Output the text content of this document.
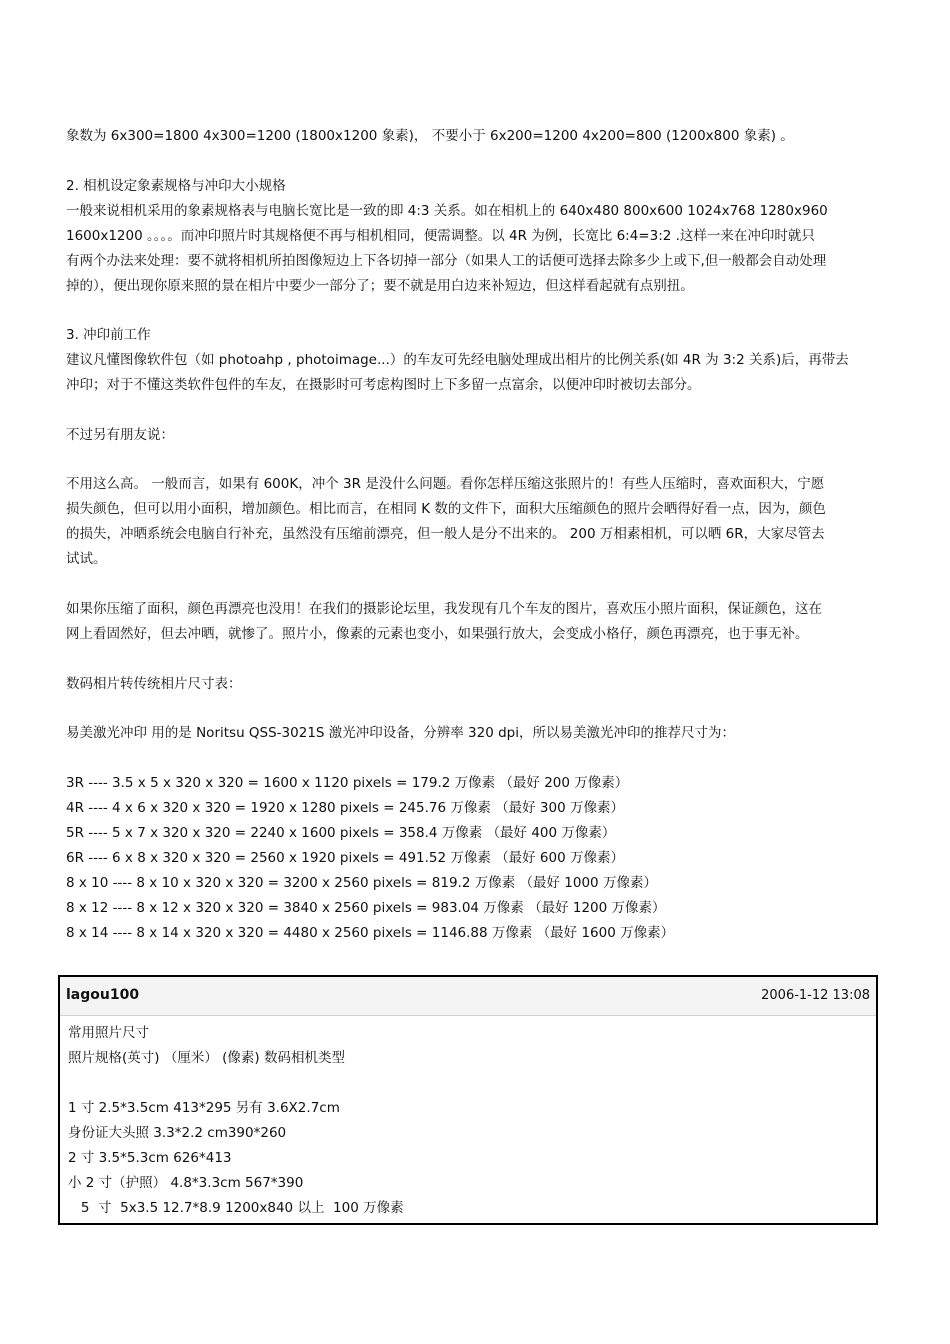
象数为 6x300=1800 4x300=1200 (1800x1200 象素)， 不要小于 6x200=1200 4x200=800 (1200x800 象素) 。
2. 相机设定象素规格与冲印大小规格
一般来说相机采用的象素规格表与电脑长宽比是一致的即 4:3 关系。如在相机上的 640x480 800x600 1024x768 1280x960
1600x1200 。。。。而冲印照片时其规格便不再与相机相同，便需调整。以 4R 为例，长宽比 6:4=3:2 .这样一来在冲印时就只
有两个办法来处理：要不就将相机所拍图像短边上下各切掉一部分（如果人工的话便可选择去除多少上或下,但一般都会自动处理
掉的），便出现你原来照的景在相片中要少一部分了；要不就是用白边来补短边，但这样看起就有点别扭。
3. 冲印前工作
建议凡懂图像软件包（如 photoahp , photoimage...）的车友可先经电脑处理成出相片的比例关系(如 4R 为 3:2 关系)后，再带去
冲印；对于不懂这类软件包件的车友，在摄影时可考虑构图时上下多留一点富余，以便冲印时被切去部分。
不过另有朋友说：
不用这么高。 一般而言，如果有 600K，冲个 3R 是没什么问题。看你怎样压缩这张照片的！有些人压缩时，喜欢面积大，宁愿
损失颜色，但可以用小面积，增加颜色。相比而言，在相同 K 数的文件下，面积大压缩颜色的照片会晒得好看一点，因为，颜色
的损失，冲晒系统会电脑自行补充，虽然没有压缩前漂亮，但一般人是分不出来的。 200 万相素相机，可以晒 6R，大家尽管去
试试。
如果你压缩了面积，颜色再漂亮也没用！在我们的摄影论坛里，我发现有几个车友的图片，喜欢压小照片面积，保证颜色，这在
网上看固然好，但去冲晒，就惨了。照片小，像素的元素也变小，如果强行放大，会变成小格仔，颜色再漂亮，也于事无补。
数码相片转传统相片尺寸表：
易美激光冲印 用的是 Noritsu QSS-3021S 激光冲印设备，分辨率 320 dpi，所以易美激光冲印的推荐尺寸为：
3R ---- 3.5 x 5 x 320 x 320 = 1600 x 1120 pixels = 179.2 万像素 （最好 200 万像素）
4R ---- 4 x 6 x 320 x 320 = 1920 x 1280 pixels = 245.76 万像素 （最好 300 万像素）
5R ---- 5 x 7 x 320 x 320 = 2240 x 1600 pixels = 358.4 万像素 （最好 400 万像素）
6R ---- 6 x 8 x 320 x 320 = 2560 x 1920 pixels = 491.52 万像素 （最好 600 万像素）
8 x 10 ---- 8 x 10 x 320 x 320 = 3200 x 2560 pixels = 819.2 万像素 （最好 1000 万像素）
8 x 12 ---- 8 x 12 x 320 x 320 = 3840 x 2560 pixels = 983.04 万像素 （最好 1200 万像素）
8 x 14 ---- 8 x 14 x 320 x 320 = 4480 x 2560 pixels = 1146.88 万像素 （最好 1600 万像素）
lagou100	2006-1-12 13:08
常用照片尺寸
照片规格(英寸) （厘米） (像素) 数码相机类型
1 寸 2.5*3.5cm 413*295 另有 3.6X2.7cm
身份证大头照 3.3*2.2 cm390*260
2 寸 3.5*5.3cm 626*413
小 2 寸（护照） 4.8*3.3cm 567*390
5  寸  5x3.5 12.7*8.9 1200x840 以上  100 万像素
